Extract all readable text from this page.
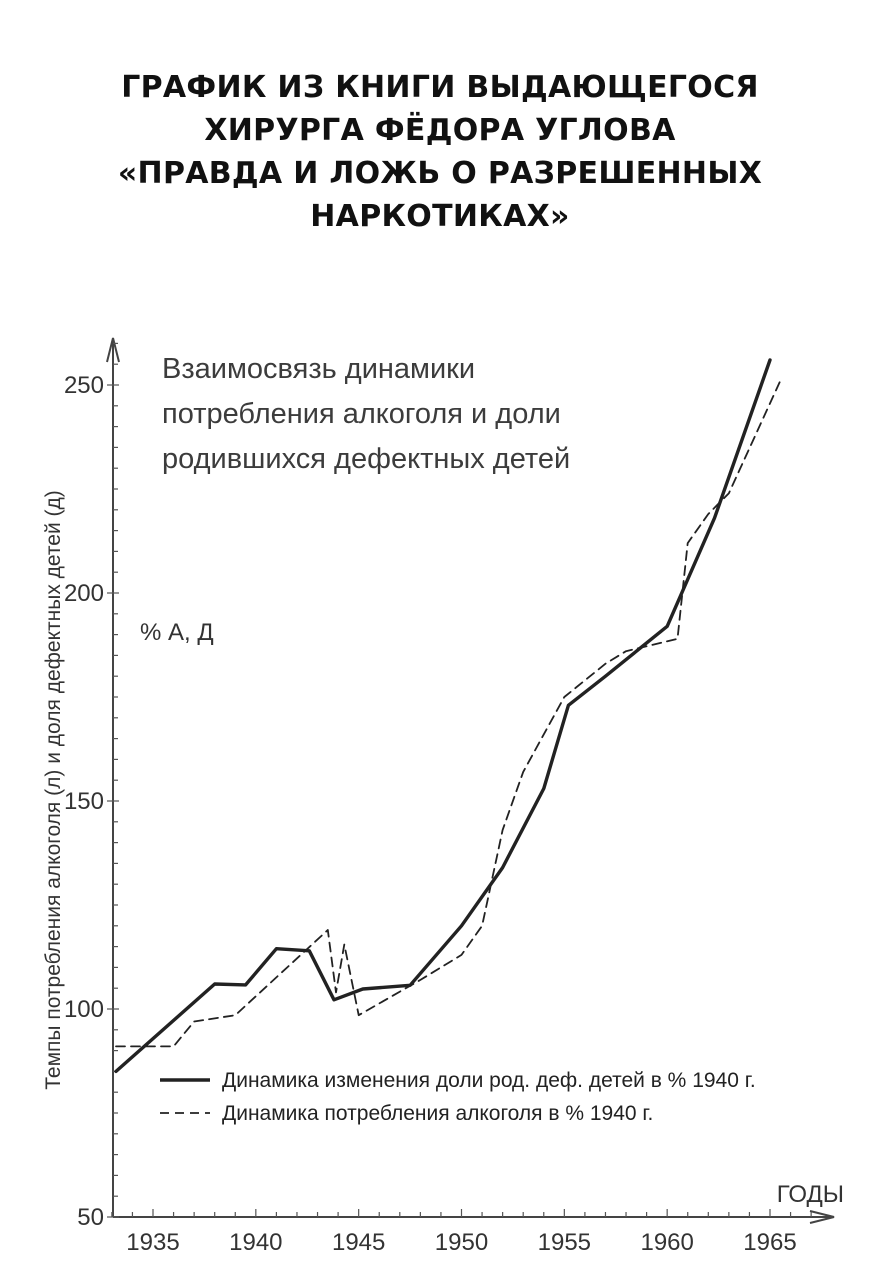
ГРАФИК ИЗ КНИГИ ВЫДАЮЩЕГОСЯ
ХИРУРГА ФЁДОРА УГЛОВА
«ПРАВДА И ЛОЖЬ О РАЗРЕШЕННЫХ
НАРКОТИКАХ»
50
100
150
200
250
1935 1940 1945 1950 1955 1960 1965
Взаимосвязь динамики
потребления алкоголя и доли
родившихся дефектных детей
% А, Д
ГОДЫ
Темпы потребления алкоголя (л) и доля дефектных детей (д)	Динамика изменения доли род. деф. детей в % 1940 г.
Динамика потребления алкоголя в % 1940 г.
